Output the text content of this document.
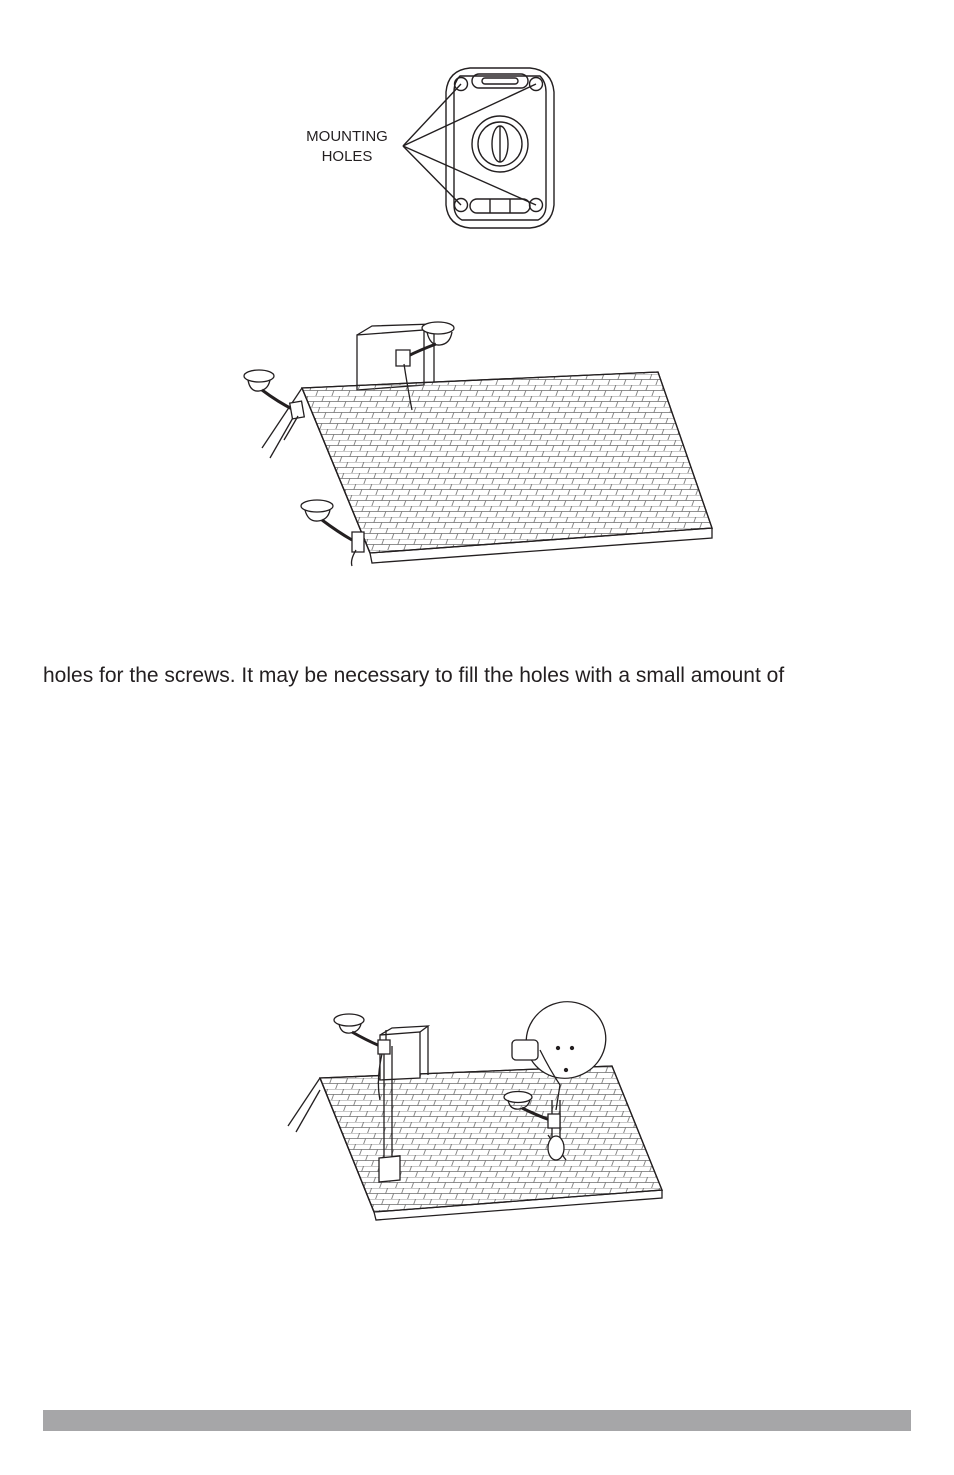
MOUNTING
HOLES
holes for the screws. It may be necessary to fill the holes with a small amount of
